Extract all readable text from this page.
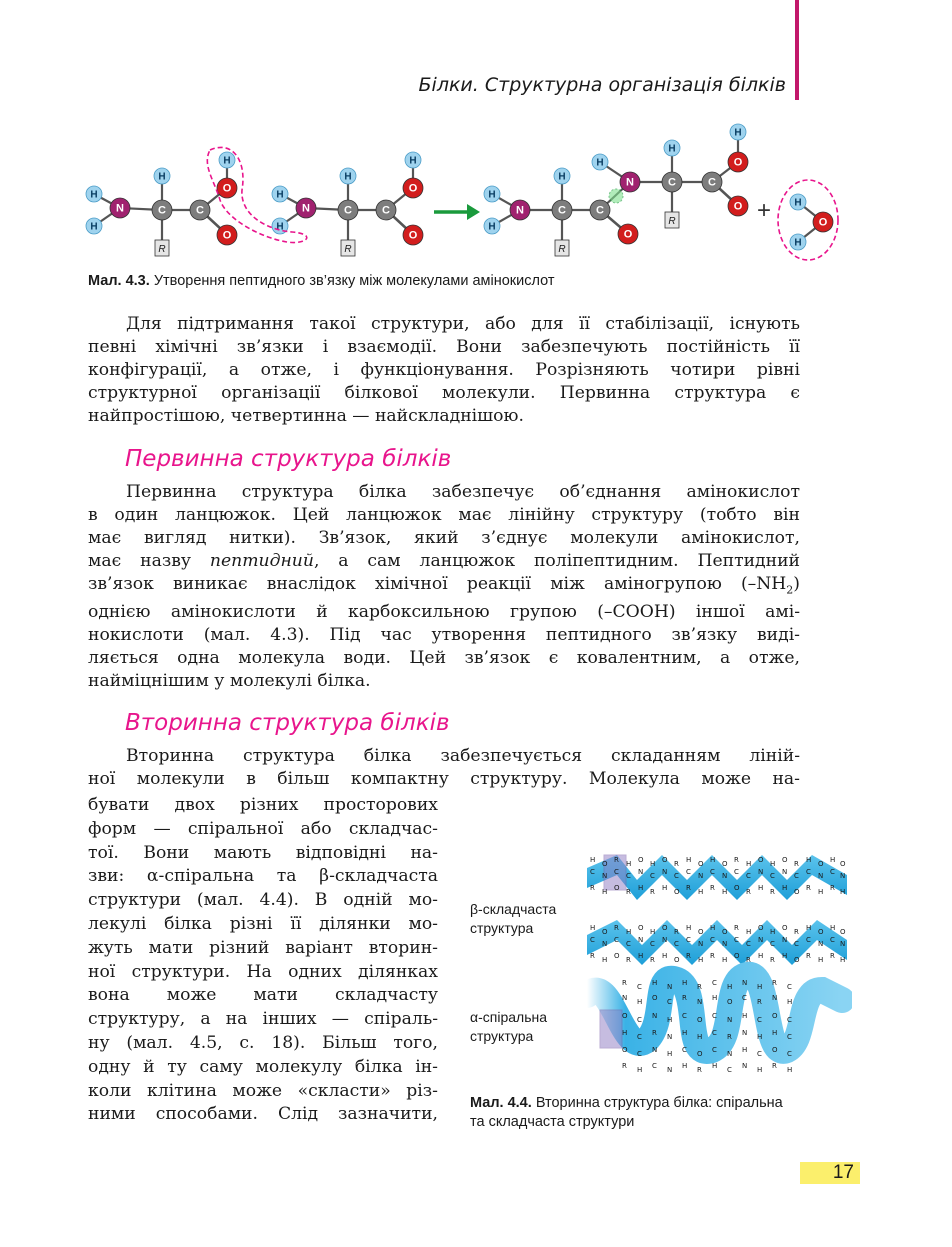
Білки. Структурна організація білків
H
H
H
R
N	C	C
O
O
H
H
H
H
R
N	C	C
O
O
H
H
H
H
R
N	C	C
O
H
N
H
R
C	C
O
O
H
+ H
H
O
Мал. 4.3. Утворення пептидного зв’язку між молекулами амінокислот
Для підтримання такої структури, або для її стабілізації, існують
певні хімічні зв’язки і взаємодії. Вони забезпечують постійність її
конфігурації, а отже, і функціонування. Розрізняють чотири рівні
структурної організації білкової молекули. Первинна структура є
найпростішою, четвертинна — найскладнішою.
Первинна структура білків
Первинна структура білка забезпечує об’єднання амінокислот
в один ланцюжок. Цей ланцюжок має лінійну структуру (тобто він
має вигляд нитки). Зв’язок, який з’єднує молекули амінокислот,
має назву пептидний, а сам ланцюжок поліпептидним. Пептидний
зв’язок виникає внаслідок хімічної реакції між аміногрупою $(-NH_2)$
однією амінокислоти й карбоксильною групою (–СООН) іншої амі-
нокислоти (мал. 4.3). Під час утворення пептидного зв’язку виді-
ляється одна молекула води. Цей зв’язок є ковалентним, а отже,
найміцнішим у молекулі білка.
Вторинна структура білків
Вторинна структура білка забезпечується складанням ліній-
ної молекули в більш компактну структуру. Молекула може на-
бувати двох різних просторових
форм — спіральної або складчас-
тої. Вони мають відповідні на-
зви: α-спіральна та β-складчаста
структури (мал. 4.4). В одній мо-
лекулі білка різні її ділянки мо-
жуть мати різний варіант вторин-
ної структури. На одних ділянках
вона може мати складчасту
структуру, а на інших — спіраль-
ну (мал. 4.5, с. 18). Більш того,
одну й ту саму молекулу білка ін-
коли клітина може «скласти» різ-
ними способами. Слід зазначити,
β-складчаста
структура
α-спіральна
структура
H O R H O H O R H O H O R H O H O R H O H O
C N C C N C N C C N C N C C N C N C C N C N
R H O R H R H O R H R H O R H R H O R H R H
H O R H O H O R H O H O R H O H O R H O H O
C N C C N C N C C N C N C C N C N C C N C N
R H O R H R H O R H R H O R H R H O R H R H
R C H N H R C H N H R C
N H O C R N H O C R N H
O C N H C O C N H C O C
H C R N H H C R N H H C
O C N H C O C N H C O C
R H C N H R H C N H R H
Мал. 4.4. Вторинна структура білка: спіральна
та складчаста структури
17
